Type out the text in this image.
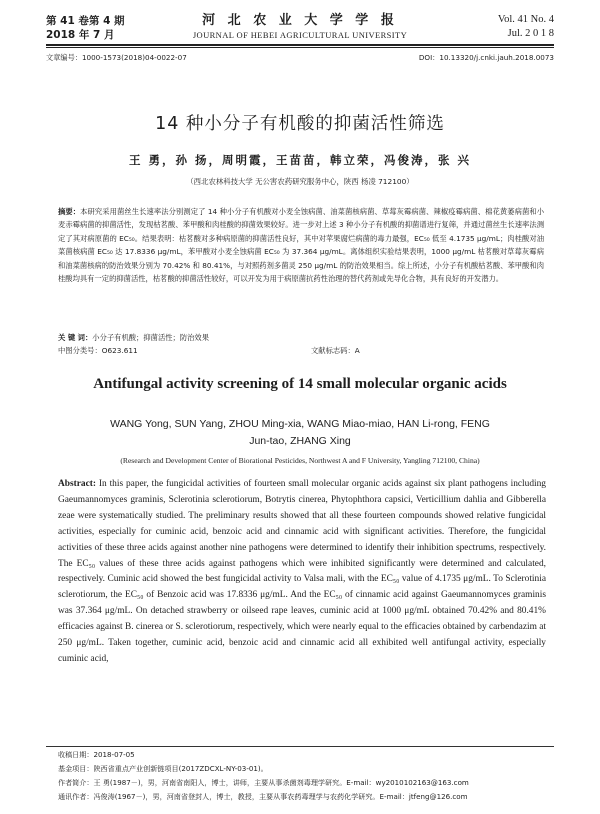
第 41 卷第 4 期
2018 年 7 月
河 北 农 业 大 学 学 报
JOURNAL OF HEBEI AGRICULTURAL UNIVERSITY
Vol. 41 No. 4
Jul. 2 0 1 8
文章编号：1000-1573(2018)04-0022-07	DOI：10.13320/j.cnki.jauh.2018.0073
14 种小分子有机酸的抑菌活性筛选
王 勇，孙 扬，周明霞，王苗苗，韩立荣，冯俊涛，张 兴
（西北农林科技大学 无公害农药研究服务中心，陕西 杨凌 712100）
摘要：本研究采用菌丝生长速率法分别测定了 14 种小分子有机酸对小麦全蚀病菌、油菜菌核病菌、草莓灰霉病菌、辣椒疫霉病菌、棉花黄萎病菌和小麦赤霉病菌的抑菌活性，发现枯茗酸、苯甲酸和肉桂酸的抑菌效果较好。进一步对上述 3 种小分子有机酸的抑菌谱进行复筛，并通过菌丝生长速率法测定了其对病原菌的 EC₅₀。结果表明：枯茗酸对多种病原菌的抑菌活性良好，其中对苹果腐烂病菌的毒力最强，EC₅₀ 低至 4.1735 μg/mL；肉桂酸对油菜菌核病菌 EC₅₀ 达 17.8336 μg/mL，苯甲酸对小麦全蚀病菌 EC₅₀ 为 37.364 μg/mL。离体组织实验结果表明，1000 μg/mL 枯茗酸对草莓灰霉病和油菜菌核病的防治效果分别为 70.42% 和 80.41%，与对照药剂多菌灵 250 μg/mL 的防治效果相当。综上所述，小分子有机酸枯茗酸、苯甲酸和肉桂酸均具有一定的抑菌活性，枯茗酸的抑菌活性较好，可以开发为用于病原菌抗药性治理的替代药剂或先导化合物，具有良好的开发潜力。
关 键 词：小分子有机酸；抑菌活性；防治效果
中图分类号：O623.611	文献标志码：A
Antifungal activity screening of 14 small molecular organic acids
WANG Yong, SUN Yang, ZHOU Ming-xia, WANG Miao-miao, HAN Li-rong, FENG Jun-tao, ZHANG Xing
(Research and Development Center of Biorational Pesticides, Northwest A and F University, Yangling 712100, China)
Abstract: In this paper, the fungicidal activities of fourteen small molecular organic acids against six plant pathogens including Gaeumannomyces graminis, Sclerotinia sclerotiorum, Botrytis cinerea, Phytophthora capsici, Verticillium dahlia and Gibberella zeae were systematically studied. The preliminary results showed that all these fourteen compounds showed relative fungicidal activities, especially for cuminic acid, benzoic acid and cinnamic acid with significant activities. Therefore, the fungicidal activities of these three acids against another nine pathogens were determined to identify their inhibition spectrums, respectively. The EC₅₀ values of these three acids against pathogens which were inhibited significantly were determined and calculated, respectively. Cuminic acid showed the best fungicidal activity to Valsa mali, with the EC₅₀ value of 4.1735 μg/mL. To Sclerotinia sclerotiorum, the EC₅₀ of Benzoic acid was 17.8336 μg/mL. And the EC₅₀ of cinnamic acid against Gaeumannomyces graminis was 37.364 μg/mL. On detached strawberry or oilseed rape leaves, cuminic acid at 1000 μg/mL obtained 70.42% and 80.41% efficacies against B. cinerea or S. sclerotiorum, respectively, which were nearly equal to the efficacies obtained by carbendazim at 250 μg/mL. Taken together, cuminic acid, benzoic acid and cinnamic acid all exhibited well antifungal activity, especially cuminic acid,
收稿日期：2018-07-05
基金项目：陕西省重点产业创新链项目(2017ZDCXL-NY-03-01)。
作者简介：王 勇(1987－)，男，河南省南阳人，博士，讲师，主要从事杀菌剂毒理学研究。E-mail：wy2010102163@163.com
通讯作者：冯俊涛(1967－)，男，河南省登封人，博士，教授，主要从事农药毒理学与农药化学研究。E-mail：jtfeng@126.com
